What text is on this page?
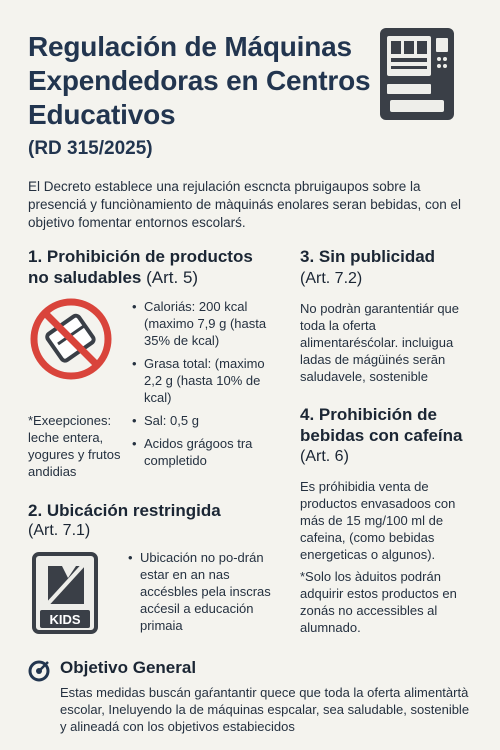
Regulación de Máquinas Expendedoras en Centros Educativos
(RD 315/2025)
El Decreto establece una rejulación escncta pbruigaupos sobre la presenciá y funciònamiento de màquinás enolares seran bebidas, con el objetivo fomentar entornos escolarś.
1. Prohibición de productos no saludables (Art. 5)
• Caloriás: 200 kcal (maximo 7,9 g (hasta 35% de kcal)
• Grasa total: (maximo 2,2 g (hasta 10% de kcal)
• Sal: 0,5 g
• Acidos grágoos tra completido
*Exeepciones: leche entera, yogures y frutos andidias
2. Ubicáción restringida
(Art. 7.1)
KIDS
• Ubicación no po-drán estar en an nas accésbles pela inscras acćesil a educación primaia
3. Sin publicidad
(Art. 7.2)
No podràn garantentiár que toda la oferta alimentarésćolar. incluigua ladas de mágüinés serān saludavele, sostenible
4. Prohibición de bebidas con cafeína
(Art. 6)
Es próhibidia venta de productos envasadoos con más de 15 mg/100 ml de cafeina, (como bebidas energeticas o algunos).
*Solo los àduitos podrán adquirir estos productos en zonás no accessibles al alumnado.
Objetivo General
Estas medidas buscán gaŕantantir quece que toda la oferta alimentàrtà escolar, Ineluyendo la de máquinas espcalar, sea saludable, sostenible y alineadá con los objetivos estabiecidos
